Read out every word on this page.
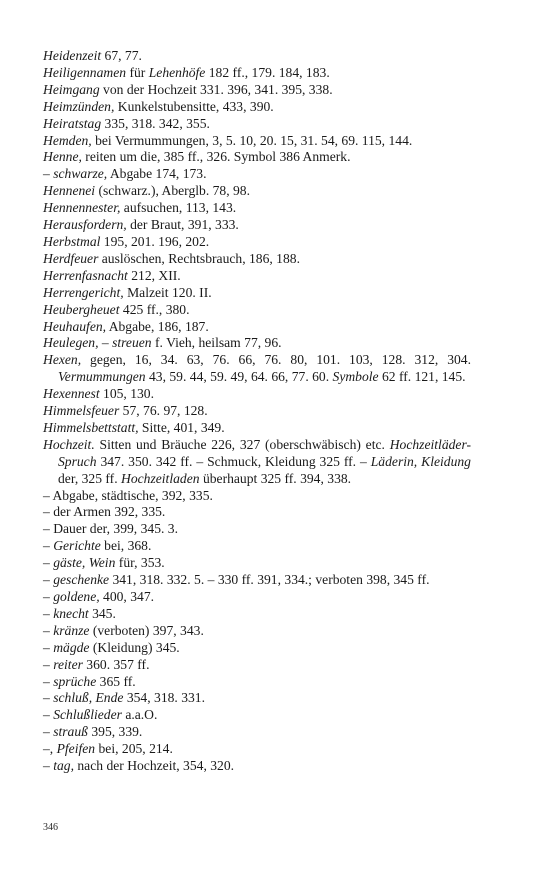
Heidenzeit 67, 77.

Heiligennamen für Lehenhöfe 182 ff., 179. 184, 183.

Heimgang von der Hochzeit 331. 396, 341. 395, 338.

Heimzünden, Kunkelstubensitte, 433, 390.

Heiratstag 335, 318. 342, 355.

Hemden, bei Vermummungen, 3, 5. 10, 20. 15, 31. 54, 69. 115, 144.

Henne, reiten um die, 385 ff., 326. Symbol 386 Anmerk.

– schwarze, Abgabe 174, 173.

Hennenei (schwarz.), Aberglb. 78, 98.

Hennennester, aufsuchen, 113, 143.

Herausfordern, der Braut, 391, 333.

Herbstmal 195, 201. 196, 202.

Herdfeuer auslöschen, Rechtsbrauch, 186, 188.

Herrenfasnacht 212, XII.

Herrengericht, Malzeit 120. II.

Heubergheuet 425 ff., 380.

Heuhaufen, Abgabe, 186, 187.

Heulegen, – streuen f. Vieh, heilsam 77, 96.

Hexen, gegen, 16, 34. 63, 76. 66, 76. 80, 101. 103, 128. 312, 304. Vermummungen 43, 59. 44, 59. 49, 64. 66, 77. 60. Symbole 62 ff. 121, 145.

Hexennest 105, 130.

Himmelsfeuer 57, 76. 97, 128.

Himmelsbettstatt, Sitte, 401, 349.

Hochzeit. Sitten und Bräuche 226, 327 (oberschwäbisch) etc. Hochzeitläder-Spruch 347. 350. 342 ff. – Schmuck, Kleidung 325 ff. – Läderin, Kleidung der, 325 ff. Hochzeitladen überhaupt 325 ff. 394, 338.

– Abgabe, städtische, 392, 335.

– der Armen 392, 335.

– Dauer der, 399, 345. 3.

– Gerichte bei, 368.

– gäste, Wein für, 353.

– geschenke 341, 318. 332. 5. – 330 ff. 391, 334.; verboten 398, 345 ff.

– goldene, 400, 347.

– knecht 345.

– kränze (verboten) 397, 343.

– mägde (Kleidung) 345.

– reiter 360. 357 ff.

– sprüche 365 ff.

– schluß, Ende 354, 318. 331.

– Schlußlieder a.a.O.

– strauß 395, 339.

–, Pfeifen bei, 205, 214.

– tag, nach der Hochzeit, 354, 320.

346
